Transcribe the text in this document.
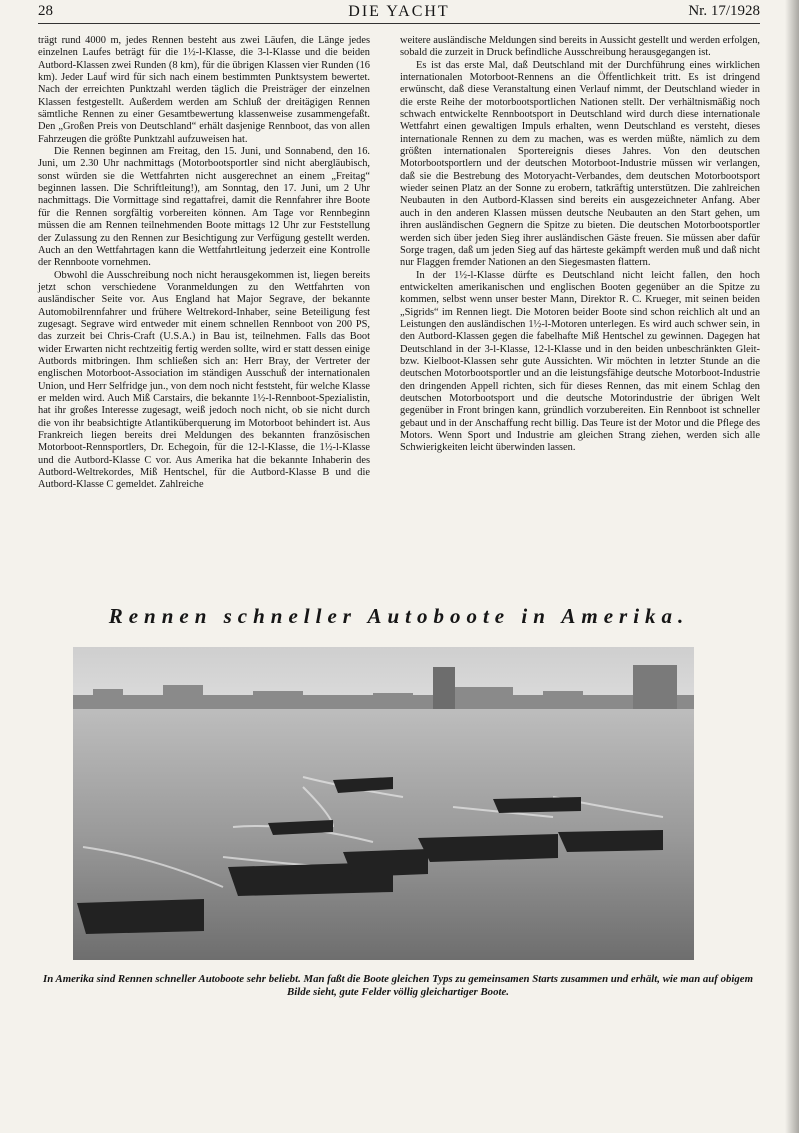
DIE YACHT
28	Nr. 17/1928

trägt rund 4000 m, jedes Rennen besteht aus zwei Läufen, die Länge jedes einzelnen Laufes beträgt für die 1½-l-Klasse, die 3-l-Klasse und die beiden Autbord-Klassen zwei Runden (8 km), für die übrigen Klassen vier Runden (16 km). Jeder Lauf wird für sich nach einem bestimmten Punktsystem bewertet. Nach der erreichten Punktzahl werden täglich die Preisträger der einzelnen Klassen festgestellt. Außerdem werden am Schluß der dreitägigen Rennen sämtliche Rennen zu einer Gesamtbewertung klassenweise zusammengefaßt. Den „Großen Preis von Deutschland“ erhält dasjenige Rennboot, das von allen Fahrzeugen die größte Punktzahl aufzuweisen hat.

Die Rennen beginnen am Freitag, den 15. Juni, und Sonnabend, den 16. Juni, um 2.30 Uhr nachmittags (Motorbootsportler sind nicht abergläubisch, sonst würden sie die Wettfahrten nicht ausgerechnet an einem „Freitag“ beginnen lassen. Die Schriftleitung!), am Sonntag, den 17. Juni, um 2 Uhr nachmittags. Die Vormittage sind regattafrei, damit die Rennfahrer ihre Boote für die Rennen sorgfältig vorbereiten können. Am Tage vor Rennbeginn müssen die am Rennen teilnehmenden Boote mittags 12 Uhr zur Feststellung der Zulassung zu den Rennen zur Besichtigung zur Verfügung gestellt werden. Auch an den Wettfahrtagen kann die Wettfahrtleitung jederzeit eine Kontrolle der Rennboote vornehmen.

Obwohl die Ausschreibung noch nicht herausgekommen ist, liegen bereits jetzt schon verschiedene Voranmeldungen zu den Wettfahrten von ausländischer Seite vor. Aus England hat Major Segrave, der bekannte Automobilrennfahrer und frühere Weltrekord-Inhaber, seine Beteiligung fest zugesagt. Segrave wird entweder mit einem schnellen Rennboot von 200 PS, das zurzeit bei Chris-Craft (U.S.A.) in Bau ist, teilnehmen. Falls das Boot wider Erwarten nicht rechtzeitig fertig werden sollte, wird er statt dessen einige Autbords mitbringen. Ihm schließen sich an: Herr Bray, der Vertreter der englischen Motorboot-Association im ständigen Ausschuß der internationalen Union, und Herr Selfridge jun., von dem noch nicht feststeht, für welche Klasse er melden wird. Auch Miß Carstairs, die bekannte 1½-l-Rennboot-Spezialistin, hat ihr großes Interesse zugesagt, weiß jedoch noch nicht, ob sie nicht durch die von ihr beabsichtigte Atlantiküberquerung im Motorboot behindert ist. Aus Frankreich liegen bereits drei Meldungen des bekannten französischen Motorboot-Rennsportlers, Dr. Echegoin, für die 12-l-Klasse, die 1½-l-Klasse und die Autbord-Klasse C vor. Aus Amerika hat die bekannte Inhaberin des Autbord-Weltrekordes, Miß Hentschel, für die Autbord-Klasse B und die Autbord-Klasse C gemeldet. Zahlreiche

weitere ausländische Meldungen sind bereits in Aussicht gestellt und werden erfolgen, sobald die zurzeit in Druck befindliche Ausschreibung herausgegangen ist.

Es ist das erste Mal, daß Deutschland mit der Durchführung eines wirklichen internationalen Motorboot-Rennens an die Öffentlichkeit tritt. Es ist dringend erwünscht, daß diese Veranstaltung einen Verlauf nimmt, der Deutschland wieder in die erste Reihe der motorbootsportlichen Nationen stellt. Der verhältnismäßig noch schwach entwickelte Rennbootsport in Deutschland wird durch diese internationale Wettfahrt einen gewaltigen Impuls erhalten, wenn Deutschland es versteht, dieses internationale Rennen zu dem zu machen, was es werden müßte, nämlich zu dem größten internationalen Sportereignis dieses Jahres. Von den deutschen Motorbootsportlern und der deutschen Motorboot-Industrie müssen wir verlangen, daß sie die Bestrebung des Motoryacht-Verbandes, dem deutschen Motorbootsport wieder seinen Platz an der Sonne zu erobern, tatkräftig unterstützen. Die zahlreichen Neubauten in den Autbord-Klassen sind bereits ein ausgezeichneter Anfang. Aber auch in den anderen Klassen müssen deutsche Neubauten an den Start gehen, um ihren ausländischen Gegnern die Spitze zu bieten. Die deutschen Motorbootsportler werden sich über jeden Sieg ihrer ausländischen Gäste freuen. Sie müssen aber dafür Sorge tragen, daß um jeden Sieg auf das härteste gekämpft werden muß und daß nicht nur Flaggen fremder Nationen an den Siegesmasten flattern.

In der 1½-l-Klasse dürfte es Deutschland nicht leicht fallen, den hoch entwickelten amerikanischen und englischen Booten gegenüber an die Spitze zu kommen, selbst wenn unser bester Mann, Direktor R. C. Krueger, mit seinen beiden „Sigrids“ im Rennen liegt. Die Motoren beider Boote sind schon reichlich alt und an Leistungen den ausländischen 1½-l-Motoren unterlegen. Es wird auch schwer sein, in den Autbord-Klassen gegen die fabelhafte Miß Hentschel zu gewinnen. Dagegen hat Deutschland in der 3-l-Klasse, 12-l-Klasse und in den beiden unbeschränkten Gleit- bzw. Kielboot-Klassen sehr gute Aussichten. Wir möchten in letzter Stunde an die deutschen Motorbootsportler und an die leistungsfähige deutsche Motorboot-Industrie den dringenden Appell richten, sich für dieses Rennen, das mit einem Schlag den deutschen Motorbootsport und die deutsche Motorindustrie der übrigen Welt gegenüber in Front bringen kann, gründlich vorzubereiten. Ein Rennboot ist schneller gebaut und in der Anschaffung recht billig. Das Teure ist der Motor und die Pflege des Motors. Wenn Sport und Industrie am gleichen Strang ziehen, werden sich alle Schwierigkeiten leicht überwinden lassen.

Rennen schneller Autoboote in Amerika.
In Amerika sind Rennen schneller Autoboote sehr beliebt. Man faßt die Boote gleichen Typs zu gemeinsamen Starts zusammen und erhält, wie man auf obigem Bilde sieht, gute Felder völlig gleichartiger Boote.
